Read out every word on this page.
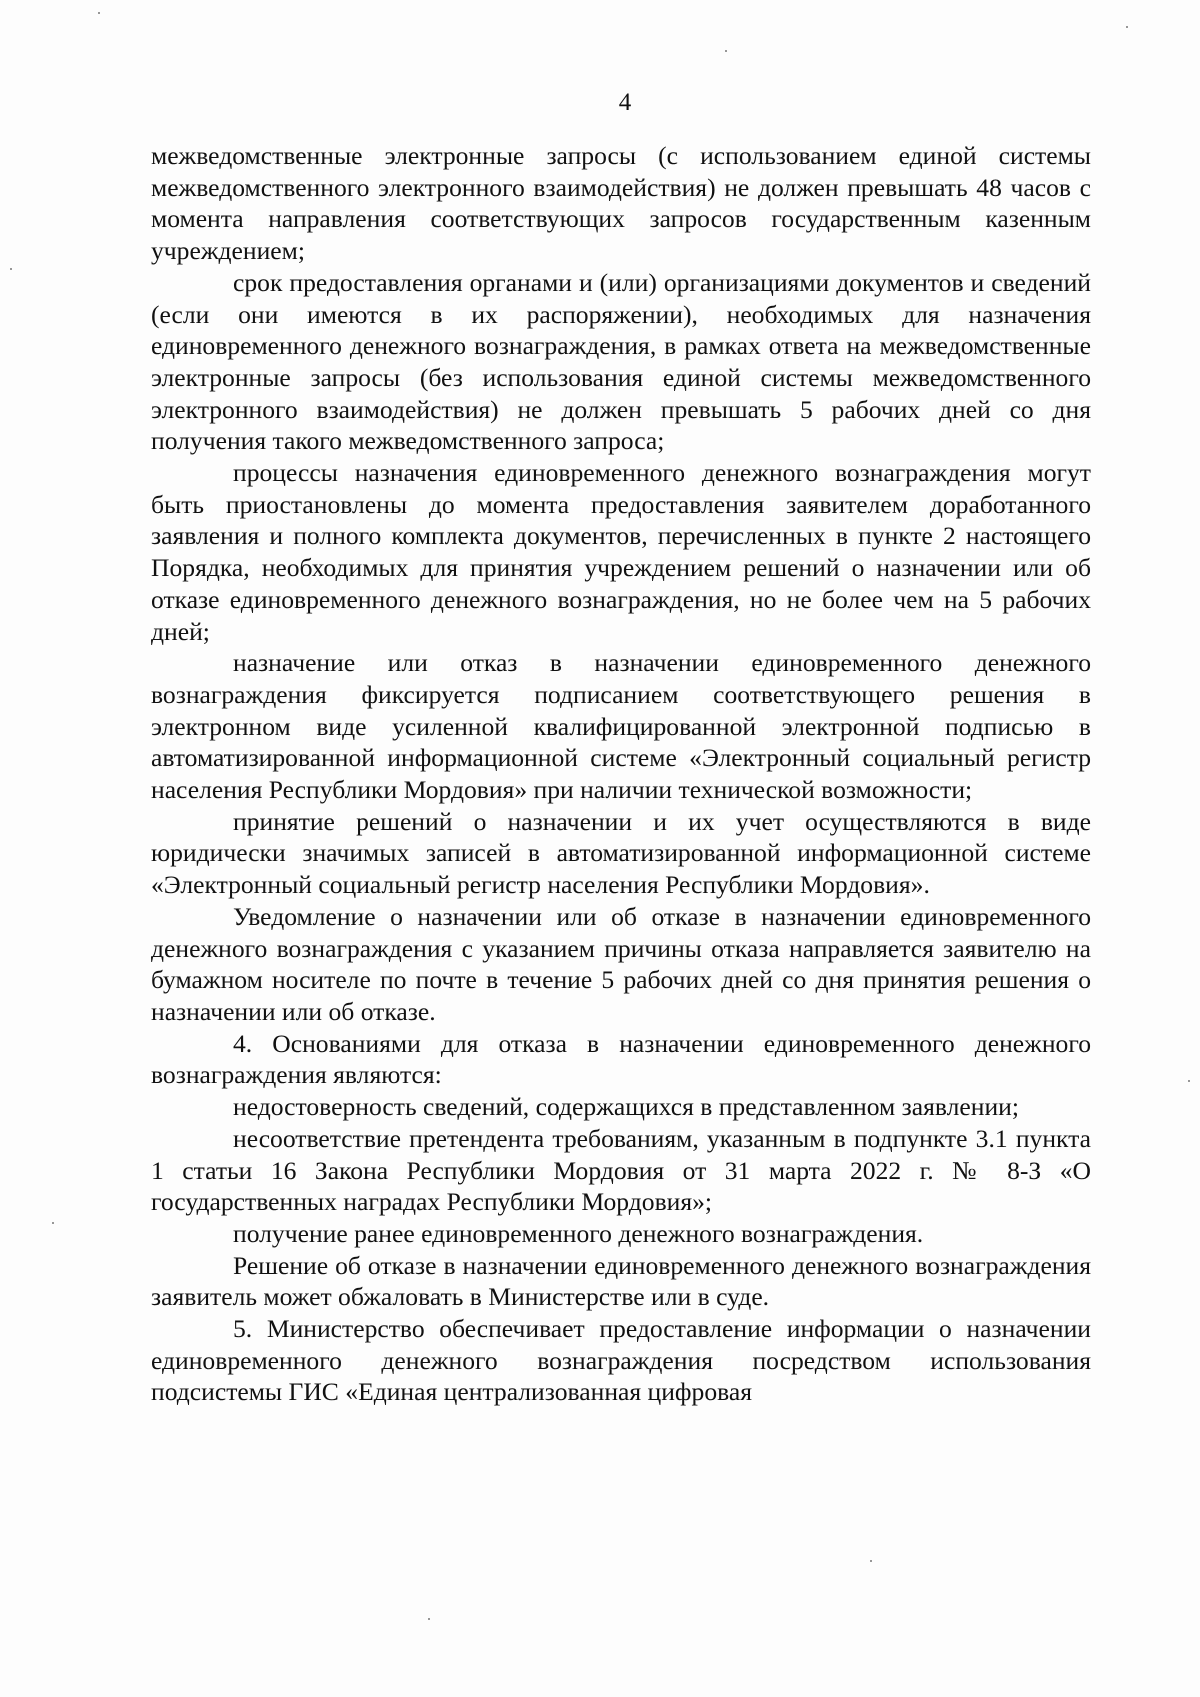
4

межведомственные электронные запросы (с использованием единой системы межведомственного электронного взаимодействия) не должен превышать 48 часов с момента направления соответствующих запросов государственным казенным учреждением;

срок предоставления органами и (или) организациями документов и сведений (если они имеются в их распоряжении), необходимых для назначения единовременного денежного вознаграждения, в рамках ответа на межведомственные электронные запросы (без использования единой системы межведомственного электронного взаимодействия) не должен превышать 5 рабочих дней со дня получения такого межведомственного запроса;

процессы назначения единовременного денежного вознаграждения могут быть приостановлены до момента предоставления заявителем доработанного заявления и полного комплекта документов, перечисленных в пункте 2 настоящего Порядка, необходимых для принятия учреждением решений о назначении или об отказе единовременного денежного вознаграждения, но не более чем на 5 рабочих дней;

назначение или отказ в назначении единовременного денежного вознаграждения фиксируется подписанием соответствующего решения в электронном виде усиленной квалифицированной электронной подписью в автоматизированной информационной системе «Электронный социальный регистр населения Республики Мордовия» при наличии технической возможности;

принятие решений о назначении и их учет осуществляются в виде юридически значимых записей в автоматизированной информационной системе «Электронный социальный регистр населения Республики Мордовия».

Уведомление о назначении или об отказе в назначении единовременного денежного вознаграждения с указанием причины отказа направляется заявителю на бумажном носителе по почте в течение 5 рабочих дней со дня принятия решения о назначении или об отказе.

4. Основаниями для отказа в назначении единовременного денежного вознаграждения являются:

недостоверность сведений, содержащихся в представленном заявлении;

несоответствие претендента требованиям, указанным в подпункте 3.1 пункта 1 статьи 16 Закона Республики Мордовия от 31 марта 2022 г. № 8-З «О государственных наградах Республики Мордовия»;

получение ранее единовременного денежного вознаграждения.

Решение об отказе в назначении единовременного денежного вознаграждения заявитель может обжаловать в Министерстве или в суде.

5. Министерство обеспечивает предоставление информации о назначении единовременного денежного вознаграждения посредством использования подсистемы ГИС «Единая централизованная цифровая
